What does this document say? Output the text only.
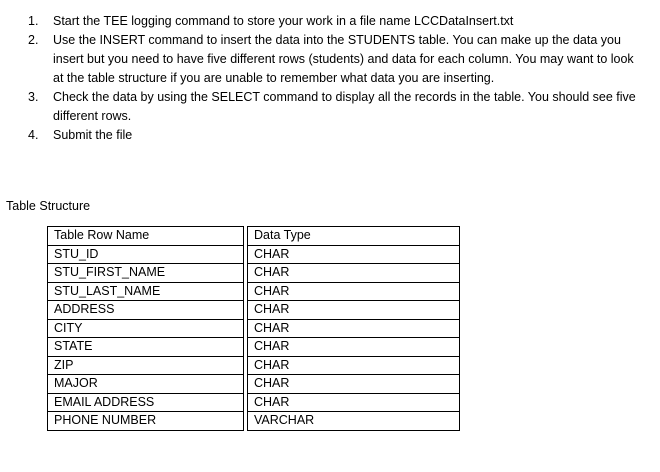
1. Start the TEE logging command to store your work in a file name LCCDataInsert.txt

2. Use the INSERT command to insert the data into the STUDENTS table. You can make up the data you insert but you need to have five different rows (students) and data for each column. You may want to look at the table structure if you are unable to remember what data you are inserting.

3. Check the data by using the SELECT command to display all the records in the table. You should see five different rows.

4. Submit the file

Table Structure

Table Row Name		Data Type
STU_ID		CHAR
STU_FIRST_NAME		CHAR
STU_LAST_NAME		CHAR
ADDRESS		CHAR
CITY		CHAR
STATE		CHAR
ZIP		CHAR
MAJOR		CHAR
EMAIL ADDRESS		CHAR
PHONE NUMBER		VARCHAR
